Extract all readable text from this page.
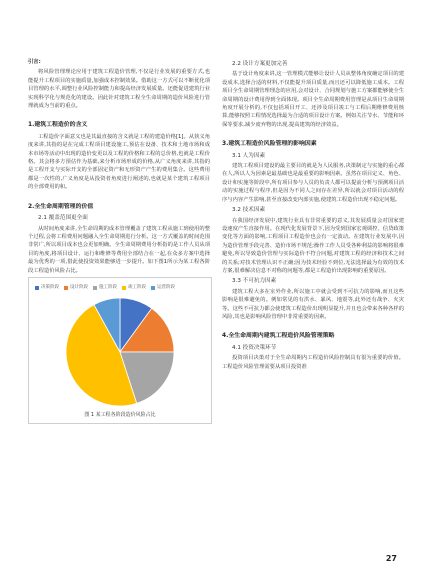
引言:

将风险管理理论应用于建筑工程造价管理,不仅是行业发展的重要方式,也能提升工程项目的实施质量,加强成本控制效果。借助这一方式可以不断优化项目管理的水平,调整行业风险控制能力和提高经济发展质量。还能促进建筑行业实现科学化与规范化的建设。因此针对建筑工程全生命周期的造价风险进行管理就成为当前的重点。

1.建筑工程造价的含义

工程造价字面意义也是其最直接的含义就是工程的建造价格[1]。从狭义角度来讲,其指的是在完成工程项目建设施工,预估在设备、技术和土地市场和成本市场等活动中出现的造价变更以及工程的价格和工程的总价格,也就是工程价格。其会将多方预估作为基础,来分析市场形成的价格,从广义角度来讲,其指的是工程开支与实际开支的全部固定资产和无形资产产生的费用集合。这些费用都是一次性的,广义角度是从投资者角度进行阐述的,也就是某个建筑工程项目的全部费用的和。

2.全生命周期管理的价值
2.1 覆盖范围更全面

从时间角度来讲,全生命周期的成本管理覆盖了建筑工程从施工到使用的整个过程,会将工程费用问题融入全生命周期进行分析。这一方式覆盖的时间范围非常广,所以项目成本也会更加明确。全生命周期费用分析指的是工作人员从项目的角度,将项目设计、运行和维修等费用全部结合在一起,在众多方案中选择最为优秀的一项,借此使投资效果能够进一步提升。如下图1所示为某工程各阶段工程造价风险占比。

决策阶段 设计阶段 施工阶段 竣工阶段 运营阶段
图 1 某工程各阶段造价风险占比
2.2 设计方案更加完善

基于设计角度来讲,这一管理模式能够让设计人员从整体角度确定项目的建设成本,选择合适的材料,不仅能提升项目质量,而且还可以降低施工成本。工程项目全生命周期管理理念的应用,会对设计、合同规划与施工方案都能够使全生命周期的设计费用得到全面体现。项目全生命周期费用管理是从项目生命周期角度开展分析的,不仅包括项目开工、还涉及项目竣工与工程后期维修费用核算,能够按照工程情况选择最为合适的项目设计方案。例如关注节水、节能和环保等要求,减少废弃物的出现,提高建筑的经济效益。

3.建筑工程造价风险管理的影响因素
3.1 人为因素

建筑工程项目建设的最主要目的就是为人民服务,决策制定与实施的重心都在人,所以人为因素是最基础也是最重要的影响因素。虽然在项目定义、角色、设计和实施等阶段中,所有项目参与人员的负责人都可以提前分析与预测项目活动的实施过程与程序,但是因为不同人之间存在差异,所以就会对项目活动的程序与内容产生影响,甚至直接改变内部实施,使建筑工程造价出现不稳定问题。

3.2 技术因素

在我国经济发展中,建筑行业具有非常重要的意义,其发展质量会对国家建设速度产生直接作用。在现代化发展背景下,因为受到国家宏观调控、信贷政策变化等方面的影响,工程项目工程造价也会有一定波动。在建筑行业发展中,因为造价管理手段完善、造价市场不规范;操作工作人员受各种利益的影响将很难避免,所以导致造价管理与实际造价不符合问题,对建筑工程的经济和技术之间的关系;对技术管理认识不正确;因为技术经验不到位,无法选择最为有效的技术方案,很难解决信息不对称的问题等,都是工程造价出现影响的重要原因。

3.3 不可抗力因素

建筑工程大多在室外作业,所以施工中就会受到不可抗力的影响,而且这些影响是很难避免的。例如常见的有洪水、暴风、地震等,此外还有战争、火灾等。这些不可抗力都会使建筑工程造价出现明显提升,并且也会带来各种各样的风险,其也是影响风险管理中非常重要的因素。

4.全生命周期内建筑工程造价风险管理策略
4.1 投资决策环节

投资项目决策对于全生命周期内工程造价风险控制具有很为重要的价值。工程造价风险管理需要从项目投资准

27
